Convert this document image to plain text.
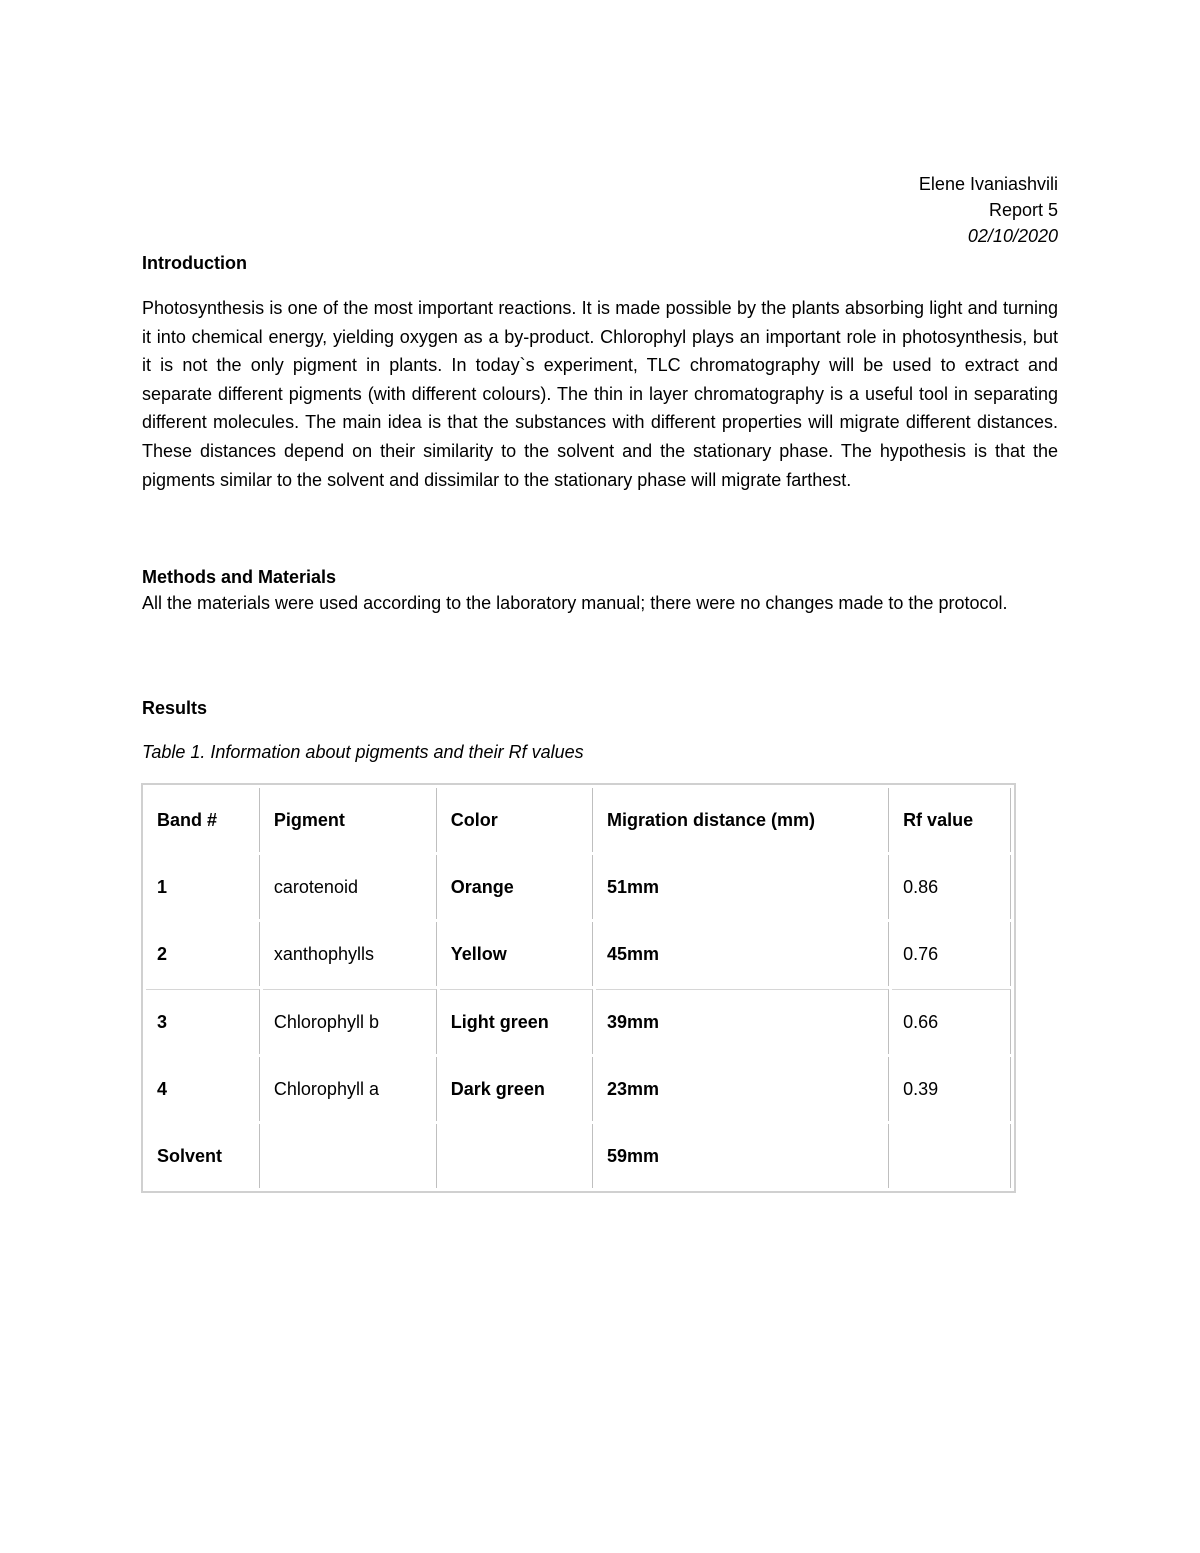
Elene Ivaniashvili
Report 5
02/10/2020
Introduction
Photosynthesis is one of the most important reactions. It is made possible by the plants absorbing light and turning it into chemical energy, yielding oxygen as a by-product. Chlorophyl plays an important role in photosynthesis, but it is not the only pigment in plants. In today`s experiment, TLC chromatography will be used to extract and separate different pigments (with different colours). The thin in layer chromatography is a useful tool in separating different molecules. The main idea is that the substances with different properties will migrate different distances. These distances depend on their similarity to the solvent and the stationary phase. The hypothesis is that the pigments similar to the solvent and dissimilar to the stationary phase will migrate farthest.
Methods and Materials
All the materials were used according to the laboratory manual; there were no changes made to the protocol.
Results
Table 1. Information about pigments and their Rf values
Band #	Pigment	Color	Migration distance (mm)	Rf value
1	carotenoid	Orange	51mm	0.86
2	xanthophylls	Yellow	45mm	0.76
3	Chlorophyll b	Light green	39mm	0.66
4	Chlorophyll a	Dark green	23mm	0.39
Solvent			59mm	
